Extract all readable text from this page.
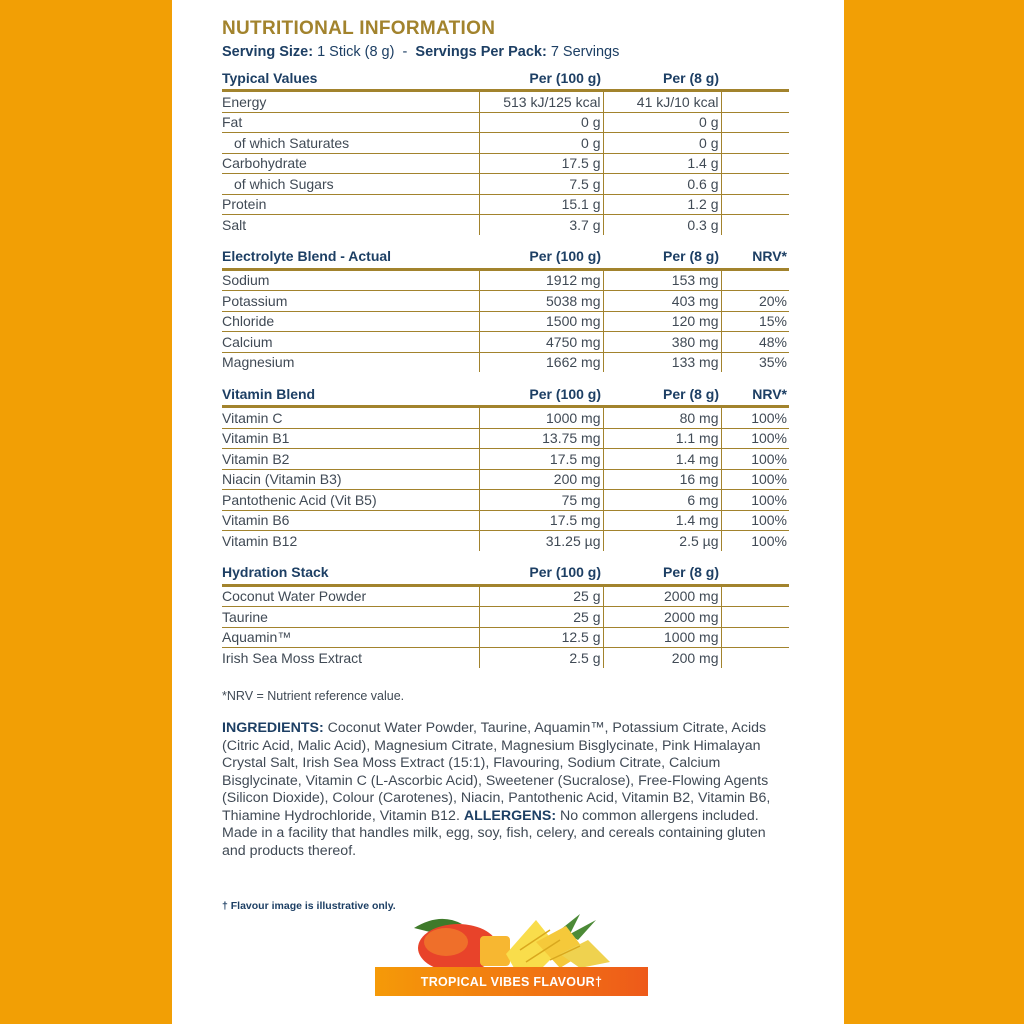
NUTRITIONAL INFORMATION
Serving Size: 1 Stick (8 g) - Servings Per Pack: 7 Servings
Typical Values	Per (100 g)	Per (8 g)	
Energy	513 kJ/125 kcal	41 kJ/10 kcal	
Fat	0 g	0 g	
of which Saturates	0 g	0 g	
Carbohydrate	17.5 g	1.4 g	
of which Sugars	7.5 g	0.6 g	
Protein	15.1 g	1.2 g	
Salt	3.7 g	0.3 g	
Electrolyte Blend - Actual	Per (100 g)	Per (8 g)	NRV*
Sodium	1912 mg	153 mg	
Potassium	5038 mg	403 mg	20%
Chloride	1500 mg	120 mg	15%
Calcium	4750 mg	380 mg	48%
Magnesium	1662 mg	133 mg	35%
Vitamin Blend	Per (100 g)	Per (8 g)	NRV*
Vitamin C	1000 mg	80 mg	100%
Vitamin B1	13.75 mg	1.1 mg	100%
Vitamin B2	17.5 mg	1.4 mg	100%
Niacin (Vitamin B3)	200 mg	16 mg	100%
Pantothenic Acid (Vit B5)	75 mg	6 mg	100%
Vitamin B6	17.5 mg	1.4 mg	100%
Vitamin B12	31.25 µg	2.5 µg	100%
Hydration Stack	Per (100 g)	Per (8 g)	
Coconut Water Powder	25 g	2000 mg	
Taurine	25 g	2000 mg	
Aquamin™	12.5 g	1000 mg	
Irish Sea Moss Extract	2.5 g	200 mg	
*NRV = Nutrient reference value.
INGREDIENTS: Coconut Water Powder, Taurine, Aquamin™, Potassium Citrate, Acids (Citric Acid, Malic Acid), Magnesium Citrate, Magnesium Bisglycinate, Pink Himalayan Crystal Salt, Irish Sea Moss Extract (15:1), Flavouring, Sodium Citrate, Calcium Bisglycinate, Vitamin C (L-Ascorbic Acid), Sweetener (Sucralose), Free-Flowing Agents (Silicon Dioxide), Colour (Carotenes), Niacin, Pantothenic Acid, Vitamin B2, Vitamin B6, Thiamine Hydrochloride, Vitamin B12. ALLERGENS: No common allergens included. Made in a facility that handles milk, egg, soy, fish, celery, and cereals containing gluten and products thereof.
† Flavour image is illustrative only.
TROPICAL VIBES FLAVOUR†
